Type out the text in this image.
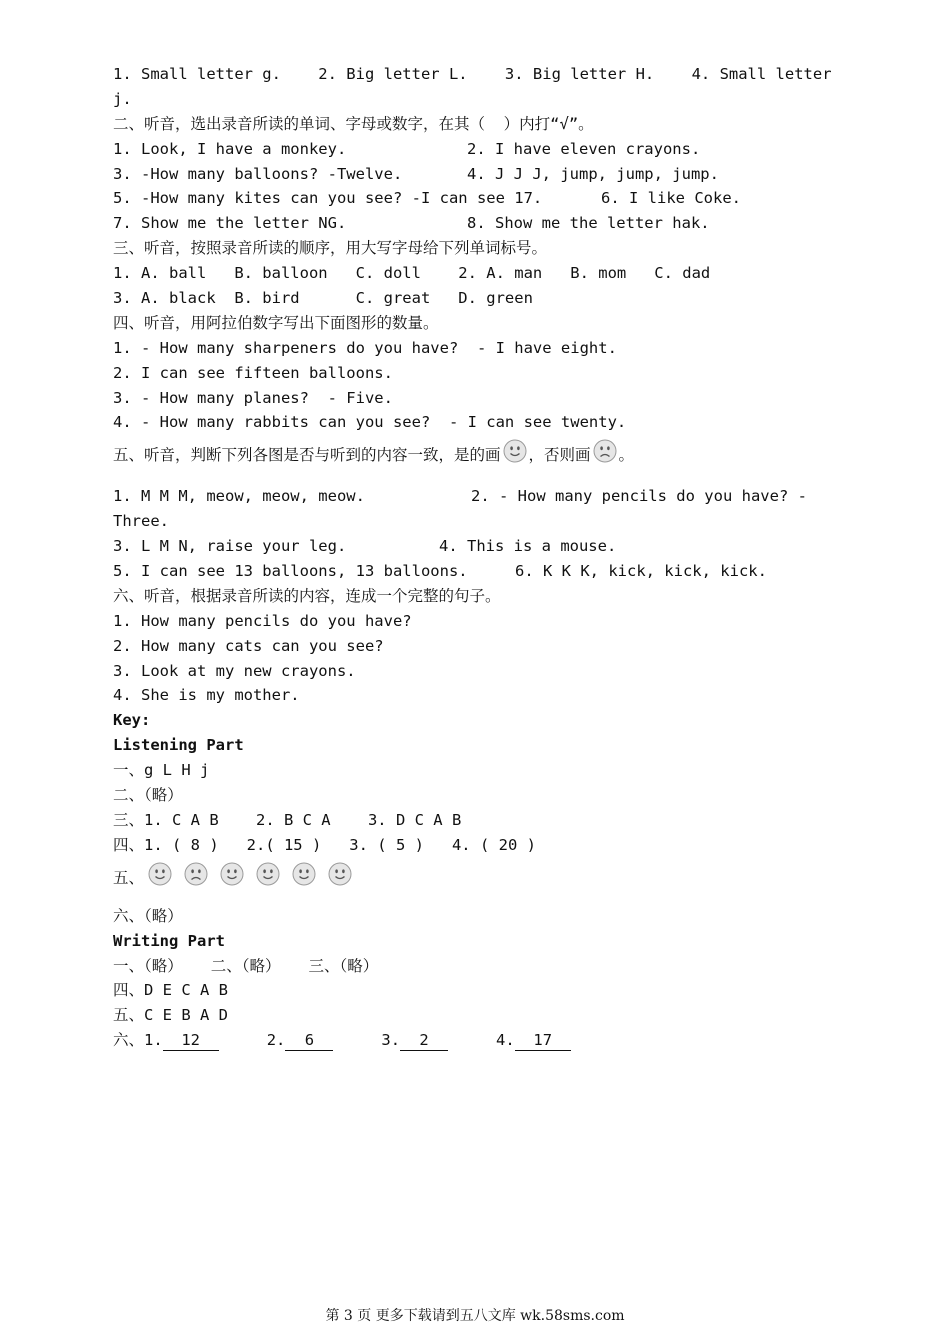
1. Small letter g.    2. Big letter L.    3. Big letter H.    4. Small letter
j.
二、听音，选出录音所读的单词、字母或数字，在其（  ）内打“√”。
1. Look, I have a monkey.	2. I have eleven crayons.
3. -How many balloons? -Twelve.	4. J J J, jump, jump, jump.
5. -How many kites can you see? -I can see 17.	6. I like Coke.
7. Show me the letter NG.	8. Show me the letter hak.
三、听音，按照录音所读的顺序，用大写字母给下列单词标号。
1. A. ball   B. balloon   C. doll    2. A. man   B. mom   C. dad
3. A. black  B. bird      C. great   D. green
四、听音，用阿拉伯数字写出下面图形的数量。
1. - How many sharpeners do you have?  - I have eight.
2. I can see fifteen balloons.
3. - How many planes?  - Five.
4. - How many rabbits can you see?  - I can see twenty.
五、听音，判断下列各图是否与听到的内容一致，是的画 ，否则画 。
1. M M M, meow, meow, meow.	2. - How many pencils do you have? -
Three.
3. L M N, raise your leg.	4. This is a mouse.
5. I can see 13 balloons, 13 balloons.	6. K K K, kick, kick, kick.
六、听音，根据录音所读的内容，连成一个完整的句子。
1. How many pencils do you have?
2. How many cats can you see?
3. Look at my new crayons.
4. She is my mother.
Key:
Listening Part
一、g L H j
二、（略）
三、1. C A B    2. B C A    3. D C A B
四、1. ( 8 )   2.( 15 )   3. ( 5 )   4. ( 20 )
五、
六、（略）
Writing Part
一、（略）   二、（略）   三、（略）
四、D E C A B
五、C E B A D
六、1. 12	2. 6	3. 2	4. 17
第 3 页 更多下载请到五八文库 wk.58sms.com
